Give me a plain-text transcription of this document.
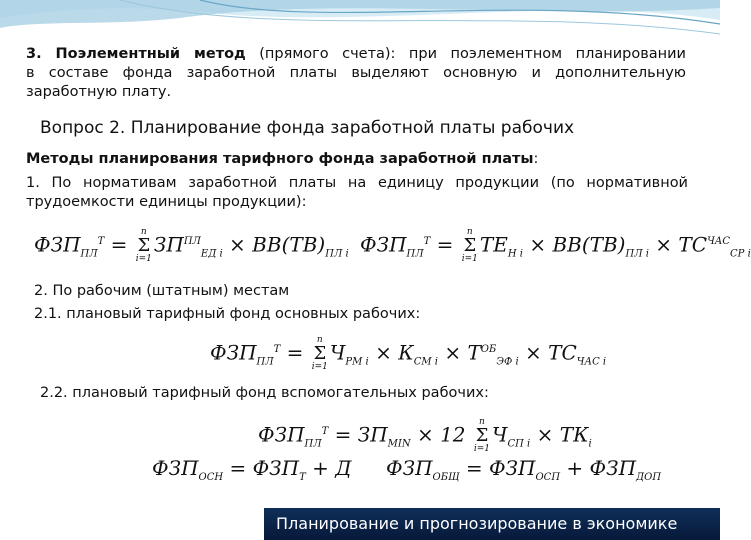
3. Поэлементный метод (прямого счета): при поэлементном планировании
в составе фонда заработной платы выделяют основную и дополнительную
заработную плату.
Вопрос 2. Планирование фонда заработной платы рабочих
Методы планирования тарифного фонда заработной платы:
1. По нормативам заработной платы на единицу продукции (по нормативной
трудоемкости единицы продукции):
$ФЗП_{ПЛ}^Т$ =
n
Σ
i=1
$ЗП^{ПЛ}_{ЕД i} \times ВВ(ТВ)_{ПЛ i}$ $ФЗП_{ПЛ}^Т$ =
n
Σ
i=1
$ТЕ_{Н i} \times ВВ(ТВ)_{ПЛ i} \times ТС^{ЧАС}_{СР i}$
2. По рабочим (штатным) местам
2.1. плановый тарифный фонд основных рабочих:
$ФЗП_{ПЛ}^Т$ =
n
Σ
i=1
$Ч_{РМ i} \times К_{СМ i} \times Т^{ОБ}_{ЭФ i} \times ТС_{ЧАС i}$
2.2. плановый тарифный фонд вспомогательных рабочих:
$ФЗП_{ПЛ}^Т = ЗП_{MIN} \times 12$
n
Σ
i=1
$Ч_{СП i} \times ТК_i$
$ФЗП_{ОСН} = ФЗП_Т + Д$ $ФЗП_{ОБЩ} = ФЗП_{ОСП} + ФЗП_{ДОП}$
Планирование и прогнозирование в экономике
